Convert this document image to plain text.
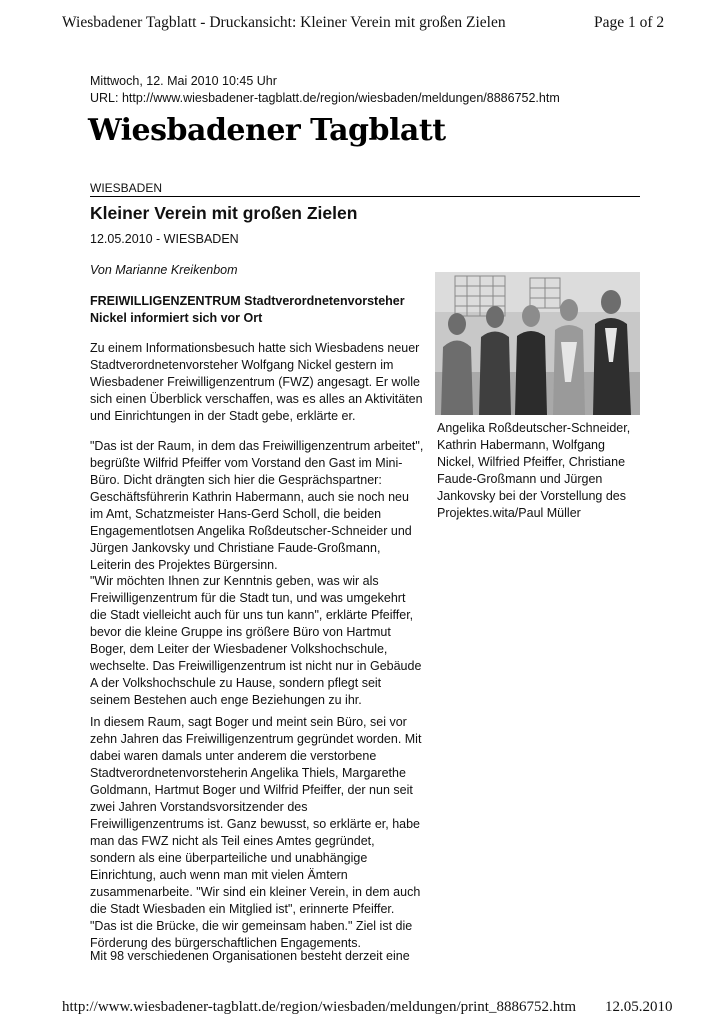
Wiesbadener Tagblatt - Druckansicht: Kleiner Verein mit großen Zielen	Page 1 of 2
Mittwoch, 12. Mai 2010 10:45 Uhr
URL: http://www.wiesbadener-tagblatt.de/region/wiesbaden/meldungen/8886752.htm
Wiesbadener Tagblatt
WIESBADEN
Kleiner Verein mit großen Zielen
12.05.2010 - WIESBADEN
Von Marianne Kreikenbom
FREIWILLIGENZENTRUM Stadtverordnetenvorsteher
Nickel informiert sich vor Ort
Zu einem Informationsbesuch hatte sich Wiesbadens neuer
Stadtverordnetenvorsteher Wolfgang Nickel gestern im
Wiesbadener Freiwilligenzentrum (FWZ) angesagt. Er wolle
sich einen Überblick verschaffen, was es alles an Aktivitäten
und Einrichtungen in der Stadt gebe, erklärte er.
"Das ist der Raum, in dem das Freiwilligenzentrum arbeitet",
begrüßte Wilfrid Pfeiffer vom Vorstand den Gast im Mini-
Büro. Dicht drängten sich hier die Gesprächspartner:
Geschäftsführerin Kathrin Habermann, auch sie noch neu
im Amt, Schatzmeister Hans-Gerd Scholl, die beiden
Engagementlotsen Angelika Roßdeutscher-Schneider und
Jürgen Jankovsky und Christiane Faude-Großmann,
Leiterin des Projektes Bürgersinn.
"Wir möchten Ihnen zur Kenntnis geben, was wir als
Freiwilligenzentrum für die Stadt tun, und was umgekehrt
die Stadt vielleicht auch für uns tun kann", erklärte Pfeiffer,
bevor die kleine Gruppe ins größere Büro von Hartmut
Boger, dem Leiter der Wiesbadener Volkshochschule,
wechselte. Das Freiwilligenzentrum ist nicht nur in Gebäude
A der Volkshochschule zu Hause, sondern pflegt seit
seinem Bestehen auch enge Beziehungen zu ihr.
In diesem Raum, sagt Boger und meint sein Büro, sei vor
zehn Jahren das Freiwilligenzentrum gegründet worden. Mit
dabei waren damals unter anderem die verstorbene
Stadtverordnetenvorsteherin Angelika Thiels, Margarethe
Goldmann, Hartmut Boger und Wilfrid Pfeiffer, der nun seit
zwei Jahren Vorstandsvorsitzender des
Freiwilligenzentrums ist. Ganz bewusst, so erklärte er, habe
man das FWZ nicht als Teil eines Amtes gegründet,
sondern als eine überparteiliche und unabhängige
Einrichtung, auch wenn man mit vielen Ämtern
zusammenarbeite. "Wir sind ein kleiner Verein, in dem auch
die Stadt Wiesbaden ein Mitglied ist", erinnerte Pfeiffer.
"Das ist die Brücke, die wir gemeinsam haben." Ziel ist die
Förderung des bürgerschaftlichen Engagements.
Mit 98 verschiedenen Organisationen besteht derzeit eine
Angelika Roßdeutscher-Schneider,
Kathrin Habermann, Wolfgang
Nickel, Wilfried Pfeiffer, Christiane
Faude-Großmann und Jürgen
Jankovsky bei der Vorstellung des
Projektes.wita/Paul Müller
http://www.wiesbadener-tagblatt.de/region/wiesbaden/meldungen/print_8886752.htm 12.05.2010
